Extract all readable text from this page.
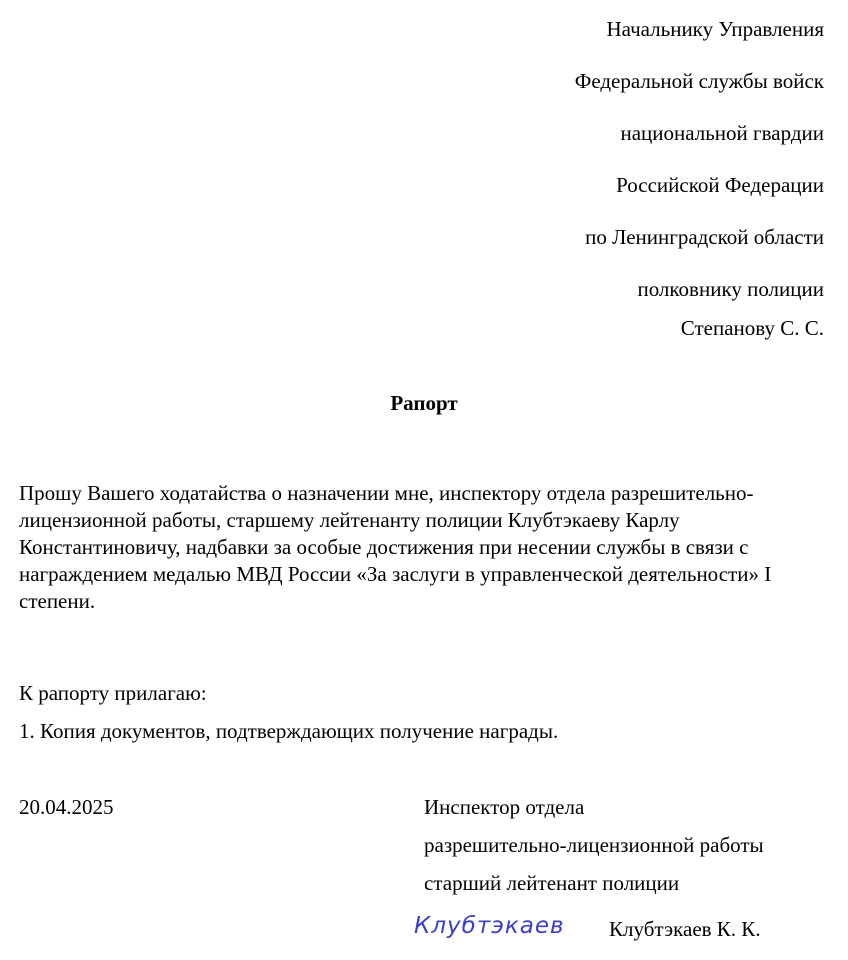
Начальнику Управления
Федеральной службы войск
национальной гвардии
Российской Федерации
по Ленинградской области
полковнику полиции
Степанову С. С.
Рапорт
Прошу Вашего ходатайства о назначении мне, инспектору отдела разрешительно-лицензионной работы, старшему лейтенанту полиции Клубтэкаеву Карлу Константиновичу, надбавки за особые достижения при несении службы в связи с награждением медалью МВД России «За заслуги в управленческой деятельности» I степени.
К рапорту прилагаю:
1. Копия документов, подтверждающих получение награды.
20.04.2025	Инспектор отдела
разрешительно-лицензионной работы
старший лейтенант полиции
Клубтэкаев Клубтэкаев К. К.
